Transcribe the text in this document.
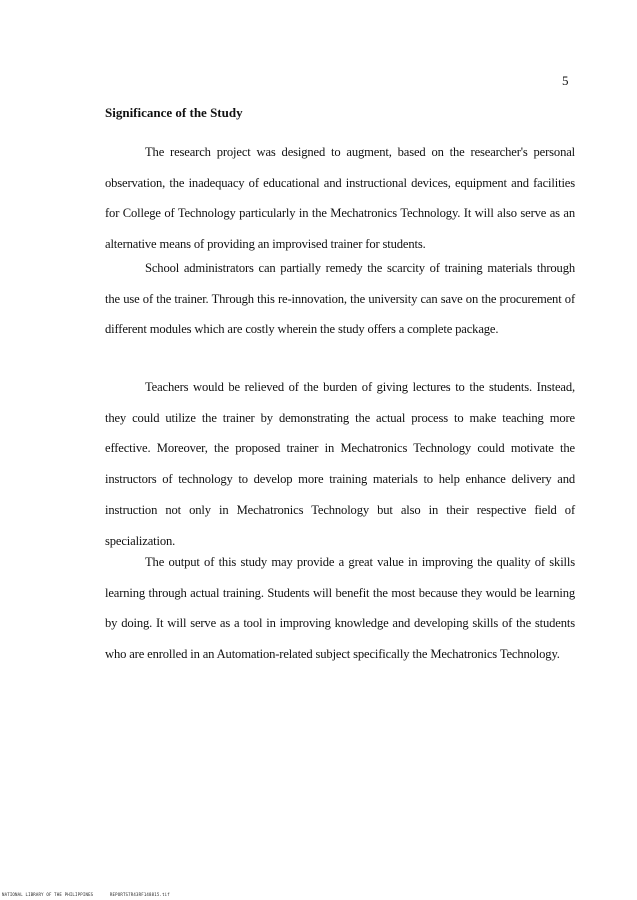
5
Significance of the Study

The research project was designed to augment, based on the researcher's personal observation, the inadequacy of educational and instructional devices, equipment and facilities for College of Technology particularly in the Mechatronics Technology. It will also serve as an alternative means of providing an improvised trainer for students.

School administrators can partially remedy the scarcity of training materials through the use of the trainer. Through this re-innovation, the university can save on the procurement of different modules which are costly wherein the study offers a complete package.

Teachers would be relieved of the burden of giving lectures to the students. Instead, they could utilize the trainer by demonstrating the actual process to make teaching more effective. Moreover, the proposed trainer in Mechatronics Technology could motivate the instructors of technology to develop more training materials to help enhance delivery and instruction not only in Mechatronics Technology but also in their respective field of specialization.

The output of this study may provide a great value in improving the quality of skills learning through actual training. Students will benefit the most because they would be learning by doing. It will serve as a tool in improving knowledge and developing skills of the students who are enrolled in an Automation-related subject specifically the Mechatronics Technology.

NATIONAL LIBRARY OF THE PHILIPPINES	REPORTS7R43RF148815.tif
